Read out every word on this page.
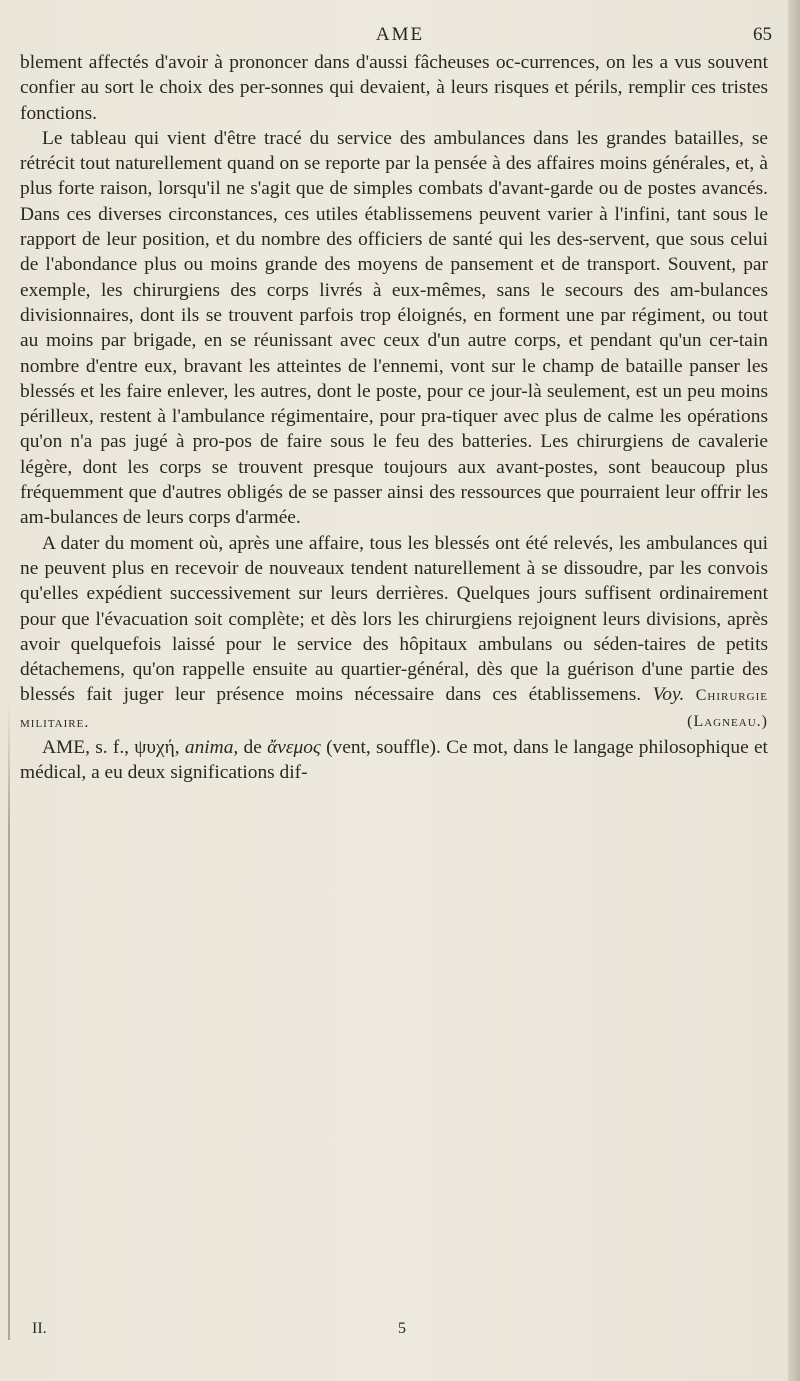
AME	65

blement affectés d'avoir à prononcer dans d'aussi fâcheuses oc-currences, on les a vus souvent confier au sort le choix des per-sonnes qui devaient, à leurs risques et périls, remplir ces tristes fonctions.

Le tableau qui vient d'être tracé du service des ambulances dans les grandes batailles, se rétrécit tout naturellement quand on se reporte par la pensée à des affaires moins générales, et, à plus forte raison, lorsqu'il ne s'agit que de simples combats d'avant-garde ou de postes avancés. Dans ces diverses circonstances, ces utiles établissemens peuvent varier à l'infini, tant sous le rapport de leur position, et du nombre des officiers de santé qui les des-servent, que sous celui de l'abondance plus ou moins grande des moyens de pansement et de transport. Souvent, par exemple, les chirurgiens des corps livrés à eux-mêmes, sans le secours des am-bulances divisionnaires, dont ils se trouvent parfois trop éloignés, en forment une par régiment, ou tout au moins par brigade, en se réunissant avec ceux d'un autre corps, et pendant qu'un cer-tain nombre d'entre eux, bravant les atteintes de l'ennemi, vont sur le champ de bataille panser les blessés et les faire enlever, les autres, dont le poste, pour ce jour-là seulement, est un peu moins périlleux, restent à l'ambulance régimentaire, pour pra-tiquer avec plus de calme les opérations qu'on n'a pas jugé à pro-pos de faire sous le feu des batteries. Les chirurgiens de cavalerie légère, dont les corps se trouvent presque toujours aux avant-postes, sont beaucoup plus fréquemment que d'autres obligés de se passer ainsi des ressources que pourraient leur offrir les am-bulances de leurs corps d'armée.

A dater du moment où, après une affaire, tous les blessés ont été relevés, les ambulances qui ne peuvent plus en recevoir de nouveaux tendent naturellement à se dissoudre, par les convois qu'elles expédient successivement sur leurs derrières. Quelques jours suffisent ordinairement pour que l'évacuation soit complète; et dès lors les chirurgiens rejoignent leurs divisions, après avoir quelquefois laissé pour le service des hôpitaux ambulans ou séden-taires de petits détachemens, qu'on rappelle ensuite au quartier-général, dès que la guérison d'une partie des blessés fait juger leur présence moins nécessaire dans ces établissemens. Voy. Chirurgie militaire.	(Lagneau.)

AME, s. f., ψυχή, anima, de ἄνεμος (vent, souffle). Ce mot, dans le langage philosophique et médical, a eu deux significations dif-

II.	5
